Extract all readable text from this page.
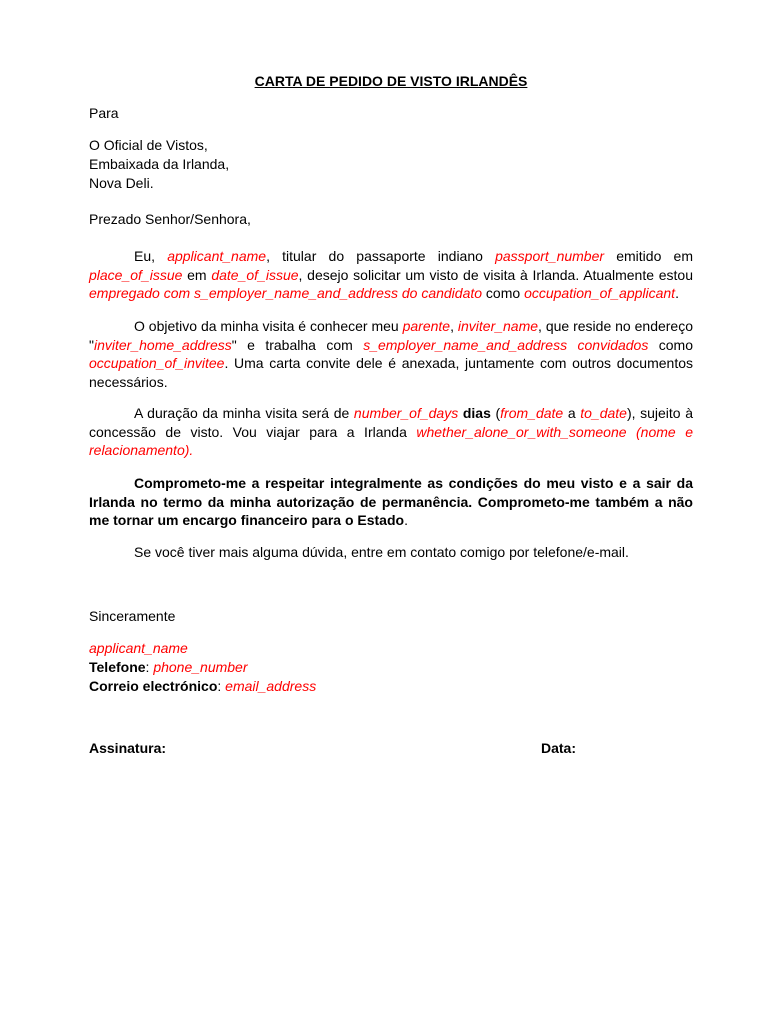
CARTA DE PEDIDO DE VISTO IRLANDÊS
Para
O Oficial de Vistos,
Embaixada da Irlanda,
Nova Deli.
Prezado Senhor/Senhora,
Eu, applicant_name, titular do passaporte indiano passport_number emitido em place_of_issue em date_of_issue, desejo solicitar um visto de visita à Irlanda. Atualmente estou empregado com s_employer_name_and_address do candidato como occupation_of_applicant.
O objetivo da minha visita é conhecer meu parente, inviter_name, que reside no endereço "inviter_home_address" e trabalha com s_employer_name_and_address convidados como occupation_of_invitee. Uma carta convite dele é anexada, juntamente com outros documentos necessários.
A duração da minha visita será de number_of_days dias (from_date a to_date), sujeito à concessão de visto. Vou viajar para a Irlanda whether_alone_or_with_someone (nome e relacionamento).
Comprometo-me a respeitar integralmente as condições do meu visto e a sair da Irlanda no termo da minha autorização de permanência. Comprometo-me também a não me tornar um encargo financeiro para o Estado.
Se você tiver mais alguma dúvida, entre em contato comigo por telefone/e-mail.
Sinceramente
applicant_name
Telefone: phone_number
Correio electrónico: email_address
Assinatura:	Data:
